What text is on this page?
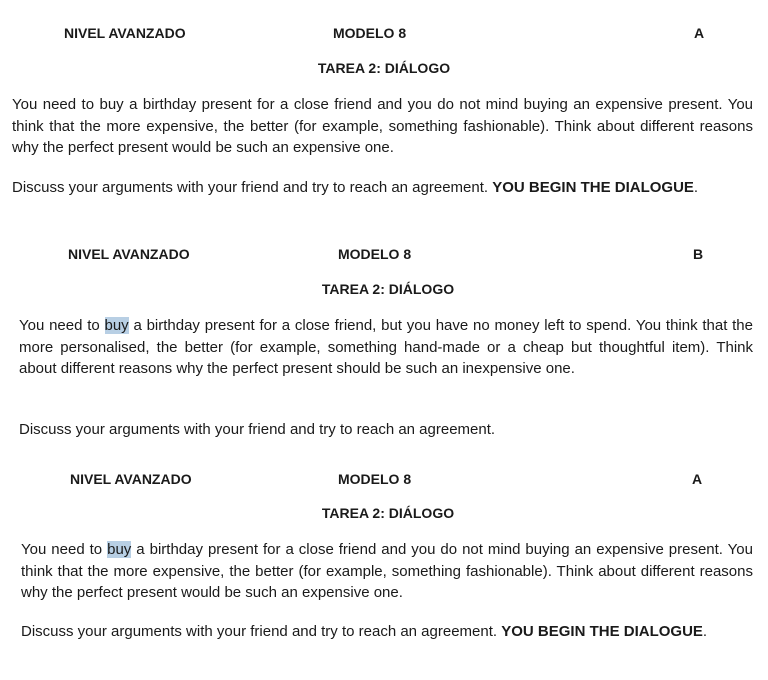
NIVEL AVANZADO	MODELO 8	A
TAREA 2: DIÁLOGO

You need to buy a birthday present for a close friend and you do not mind buying an expensive present. You think that the more expensive, the better (for example, something fashionable). Think about different reasons why the perfect present would be such an expensive one.

Discuss your arguments with your friend and try to reach an agreement. YOU BEGIN THE DIALOGUE.

NIVEL AVANZADO	MODELO 8	B
TAREA 2: DIÁLOGO

You need to buy a birthday present for a close friend, but you have no money left to spend. You think that the more personalised, the better (for example, something hand-made or a cheap but thoughtful item). Think about different reasons why the perfect present should be such an inexpensive one.

Discuss your arguments with your friend and try to reach an agreement.

NIVEL AVANZADO	MODELO 8	A
TAREA 2: DIÁLOGO

You need to buy a birthday present for a close friend and you do not mind buying an expensive present. You think that the more expensive, the better (for example, something fashionable). Think about different reasons why the perfect present would be such an expensive one.

Discuss your arguments with your friend and try to reach an agreement. YOU BEGIN THE DIALOGUE.
